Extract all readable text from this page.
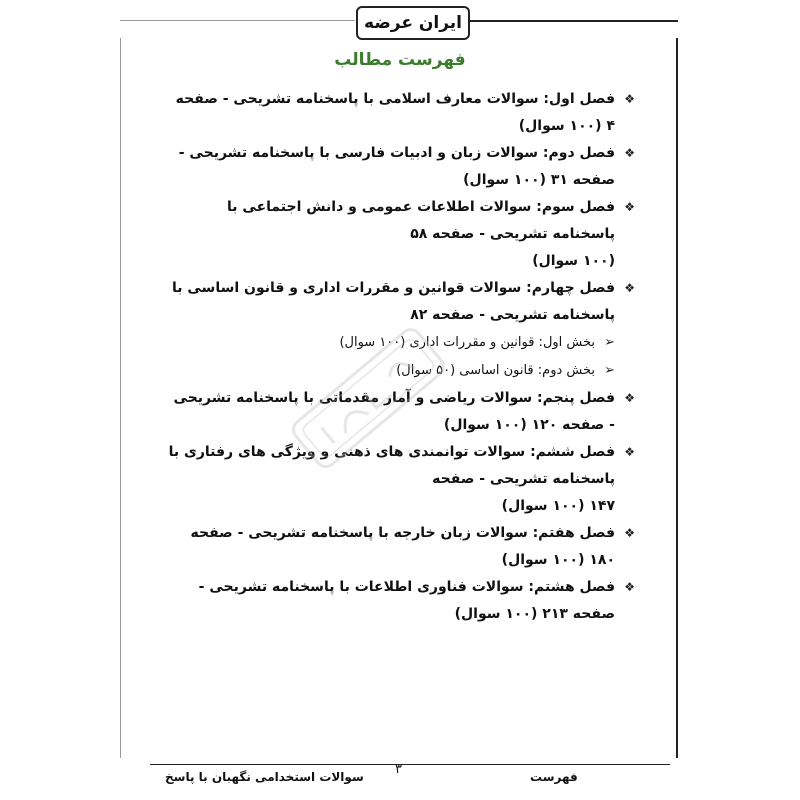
ایران عرضه
فهرست مطالب
❖
فصل اول: سوالات معارف اسلامی با پاسخنامه تشریحی - صفحه ۴ (۱۰۰ سوال)
❖
فصل دوم: سوالات زبان و ادبیات فارسی با پاسخنامه تشریحی - صفحه ۳۱ (۱۰۰ سوال)
❖
فصل سوم: سوالات اطلاعات عمومی و دانش اجتماعی با پاسخنامه تشریحی - صفحه ۵۸
(۱۰۰ سوال)
❖
فصل چهارم: سوالات قوانین و مقررات اداری و قانون اساسی با پاسخنامه تشریحی - صفحه ۸۲
➢
بخش اول: قوانین و مقررات اداری (۱۰۰ سوال)
➢
بخش دوم: قانون اساسی (۵۰ سوال)
❖
فصل پنجم: سوالات ریاضی و آمار مقدماتی با پاسخنامه تشریحی - صفحه ۱۲۰ (۱۰۰ سوال)
❖
فصل ششم: سوالات توانمندی های ذهنی و ویژگی های رفتاری با پاسخنامه تشریحی - صفحه
۱۴۷ (۱۰۰ سوال)
❖
فصل هفتم: سوالات زبان خارجه با پاسخنامه تشریحی - صفحه ۱۸۰ (۱۰۰ سوال)
❖
فصل هشتم: سوالات فناوری اطلاعات با پاسخنامه تشریحی - صفحه ۲۱۳ (۱۰۰ سوال)
سوالات استخدامی نگهبان با پاسخ ۳	فهرست
